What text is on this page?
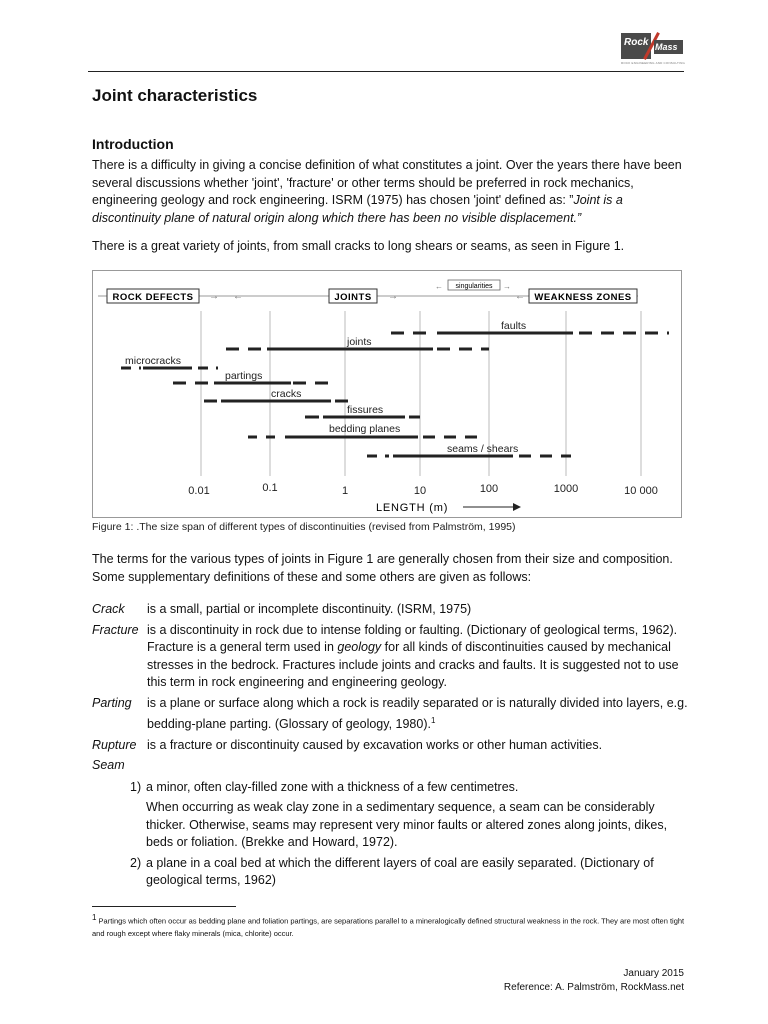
Rock Mass
ROCK ENGINEERING AND CONSULTING
Joint characteristics
Introduction
There is a difficulty in giving a concise definition of what constitutes a joint. Over the years there have been several discussions whether 'joint', 'fracture' or other terms should be preferred in rock mechanics, engineering geology and rock engineering. ISRM (1975) has chosen 'joint' defined as: ”Joint is a discontinuity plane of natural origin along which there has been no visible displacement.”
There is a great variety of joints, from small cracks to long shears or seams, as seen in Figure 1.
ROCK DEFECTS → ←	JOINTS →	← WEAKNESS ZONES
singularities
←	→
faults
joints
microcracks
partings
cracks
fissures
bedding planes
seams / shears
0.01	0.1	1	10	100	1000	10 000
LENGTH (m)
Figure 1: .The size span of different types of discontinuities (revised from Palmström, 1995)
The terms for the various types of joints in Figure 1 are generally chosen from their size and composition. Some supplementary definitions of these and some others are given as follows:
Crack	is a small, partial or incomplete discontinuity. (ISRM, 1975)
Fracture is a discontinuity in rock due to intense folding or faulting. (Dictionary of geological terms, 1962). Fracture is a general term used in geology for all kinds of discontinuities caused by mechanical stresses in the bedrock. Fractures include joints and cracks and faults. It is suggested not to use this term in rock engineering and engineering geology.
Parting	is a plane or surface along which a rock is readily separated or is naturally divided into layers, e.g. bedding-plane parting. (Glossary of geology, 1980).$^1$
Rupture is a fracture or discontinuity caused by excavation works or other human activities.
Seam
1) a minor, often clay-filled zone with a thickness of a few centimetres.
When occurring as weak clay zone in a sedimentary sequence, a seam can be considerably thicker. Otherwise, seams may represent very minor faults or altered zones along joints, dikes, beds or foliation. (Brekke and Howard, 1972).
2) a plane in a coal bed at which the different layers of coal are easily separated. (Dictionary of geological terms, 1962)
$^1$ Partings which often occur as bedding plane and foliation partings, are separations parallel to a mineralogically defined structural weakness in the rock. They are most often tight and rough except where flaky minerals (mica, chlorite) occur.
January 2015
Reference: A. Palmström, RockMass.net
